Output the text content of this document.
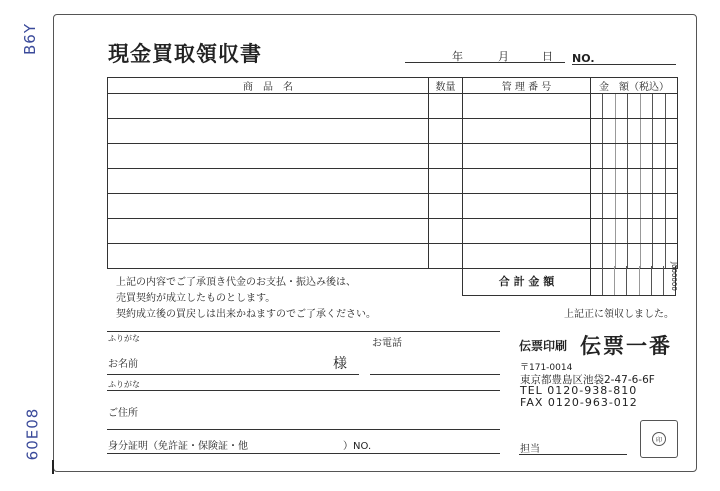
B6Y
60E08
現金買取領収書	年	月	日 NO.
商　品　名	数量	管 理 番 号	金　額（税込）

合 計 金 額	J000000
上記の内容でご了承頂き代金のお支払・振込み後は、
売買契約が成立したものとします。
契約成立後の買戻しは出来かねますのでご了承ください。	上記正に領収しました。
ふりがな	お電話
お名前	様
ふりがな
ご住所
身分証明（免許証・保険証・他	）NO.
伝票印刷 伝票一番
〒171-0014
東京都豊島区池袋2-47-6-6F
TEL 0120-938-810
FAX 0120-963-012
担当
印
